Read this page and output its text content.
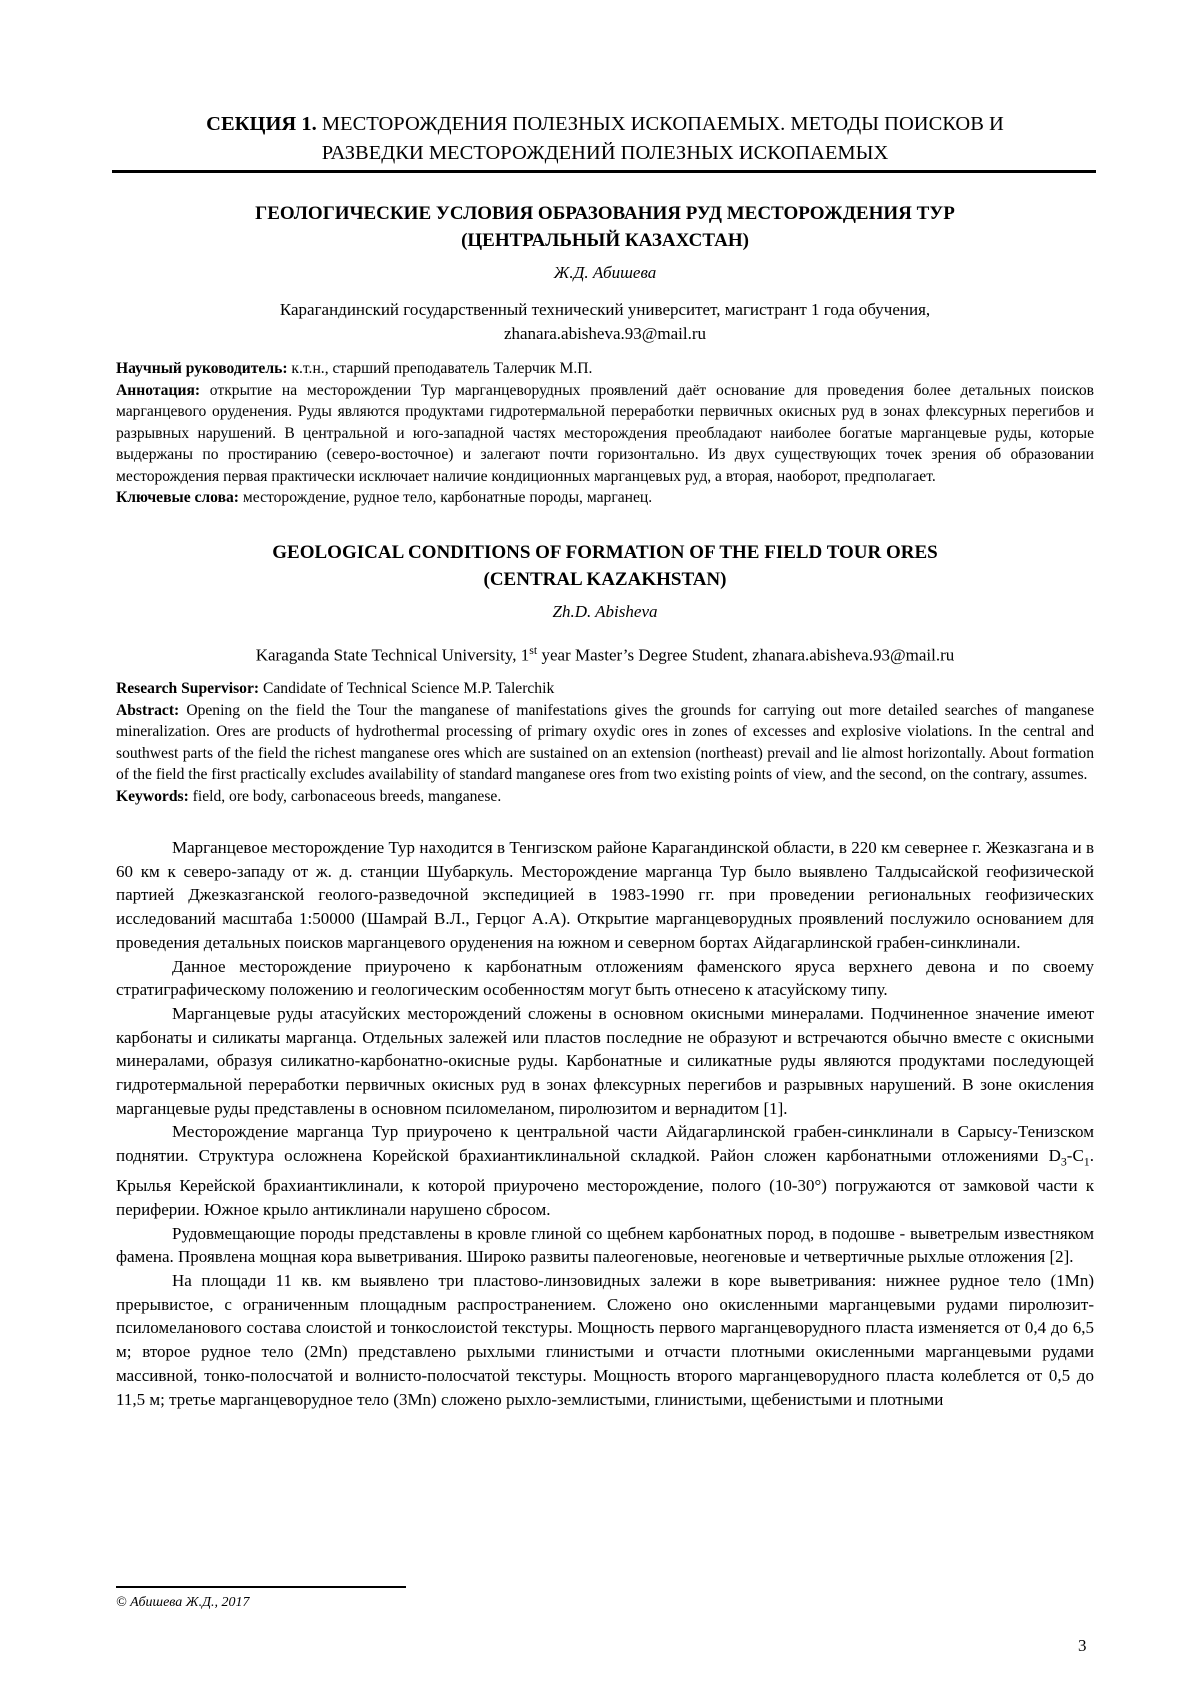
СЕКЦИЯ 1. МЕСТОРОЖДЕНИЯ ПОЛЕЗНЫХ ИСКОПАЕМЫХ. МЕТОДЫ ПОИСКОВ И
РАЗВЕДКИ МЕСТОРОЖДЕНИЙ ПОЛЕЗНЫХ ИСКОПАЕМЫХ
ГЕОЛОГИЧЕСКИЕ УСЛОВИЯ ОБРАЗОВАНИЯ РУД МЕСТОРОЖДЕНИЯ ТУР
(ЦЕНТРАЛЬНЫЙ КАЗАХСТАН)
Ж.Д. Абишева
Карагандинский государственный технический университет, магистрант 1 года обучения,
zhanara.abisheva.93@mail.ru
Научный руководитель: к.т.н., старший преподаватель Талерчик М.П.
Аннотация: открытие на месторождении Тур марганцеворудных проявлений даёт основание для проведения более детальных поисков марганцевого оруденения. Руды являются продуктами гидротермальной переработки первичных окисных руд в зонах флексурных перегибов и разрывных нарушений. В центральной и юго-западной частях месторождения преобладают наиболее богатые марганцевые руды, которые выдержаны по простиранию (северо-восточное) и залегают почти горизонтально. Из двух существующих точек зрения об образовании месторождения первая практически исключает наличие кондиционных марганцевых руд, а вторая, наоборот, предполагает.
Ключевые слова: месторождение, рудное тело, карбонатные породы, марганец.
GEOLOGICAL CONDITIONS OF FORMATION OF THE FIELD TOUR ORES
(CENTRAL KAZAKHSTAN)
Zh.D. Abisheva
Karaganda State Technical University, 1st year Master’s Degree Student, zhanara.abisheva.93@mail.ru
Research Supervisor: Candidate of Technical Science M.P. Talerchik
Abstract: Opening on the field the Tour the manganese of manifestations gives the grounds for carrying out more detailed searches of manganese mineralization. Ores are products of hydrothermal processing of primary oxydic ores in zones of excesses and explosive violations. In the central and southwest parts of the field the richest manganese ores which are sustained on an extension (northeast) prevail and lie almost horizontally. About formation of the field the first practically excludes availability of standard manganese ores from two existing points of view, and the second, on the contrary, assumes.
Keywords: field, ore body, carbonaceous breeds, manganese.

Марганцевое месторождение Тур находится в Тенгизском районе Карагандинской области, в 220 км севернее г. Жезказгана и в 60 км к северо-западу от ж. д. станции Шубаркуль. Месторождение марганца Тур было выявлено Талдысайской геофизической партией Джезказганской геолого-разведочной экспедицией в 1983-1990 гг. при проведении региональных геофизических исследований масштаба 1:50000 (Шамрай В.Л., Герцог А.А). Открытие марганцеворудных проявлений послужило основанием для проведения детальных поисков марганцевого оруденения на южном и северном бортах Айдагарлинской грабен-синклинали.

Данное месторождение приурочено к карбонатным отложениям фаменского яруса верхнего девона и по своему стратиграфическому положению и геологическим особенностям могут быть отнесено к атасуйскому типу.

Марганцевые руды атасуйских месторождений сложены в основном окисными минералами. Подчиненное значение имеют карбонаты и силикаты марганца. Отдельных залежей или пластов последние не образуют и встречаются обычно вместе с окисными минералами, образуя силикатно-карбонатно-окисные руды. Карбонатные и силикатные руды являются продуктами последующей гидротермальной переработки первичных окисных руд в зонах флексурных перегибов и разрывных нарушений. В зоне окисления марганцевые руды представлены в основном псиломеланом, пиролюзитом и вернадитом [1].

Месторождение марганца Тур приурочено к центральной части Айдагарлинской грабен-синклинали в Сарысу-Тенизском поднятии. Структура осложнена Корейской брахиантиклинальной складкой. Район сложен карбонатными отложениями $D_3-C_1$. Крылья Керейской брахиантиклинали, к которой приурочено месторождение, полого (10-30°) погружаются от замковой части к периферии. Южное крыло антиклинали нарушено сбросом.

Рудовмещающие породы представлены в кровле глиной со щебнем карбонатных пород, в подошве - выветрелым известняком фамена. Проявлена мощная кора выветривания. Широко развиты палеогеновые, неогеновые и четвертичные рыхлые отложения [2].

На площади 11 кв. км выявлено три пластово-линзовидных залежи в коре выветривания: нижнее рудное тело (1Mn) прерывистое, с ограниченным площадным распространением. Сложено оно окисленными марганцевыми рудами пиролюзит-псиломеланового состава слоистой и тонкослоистой текстуры. Мощность первого марганцеворудного пласта изменяется от 0,4 до 6,5 м; второе рудное тело (2Mn) представлено рыхлыми глинистыми и отчасти плотными окисленными марганцевыми рудами массивной, тонко-полосчатой и волнисто-полосчатой текстуры. Мощность второго марганцеворудного пласта колеблется от 0,5 до 11,5 м; третье марганцеворудное тело (3Mn) сложено рыхло-землистыми, глинистыми, щебенистыми и плотными

© Абишева Ж.Д., 2017
3
